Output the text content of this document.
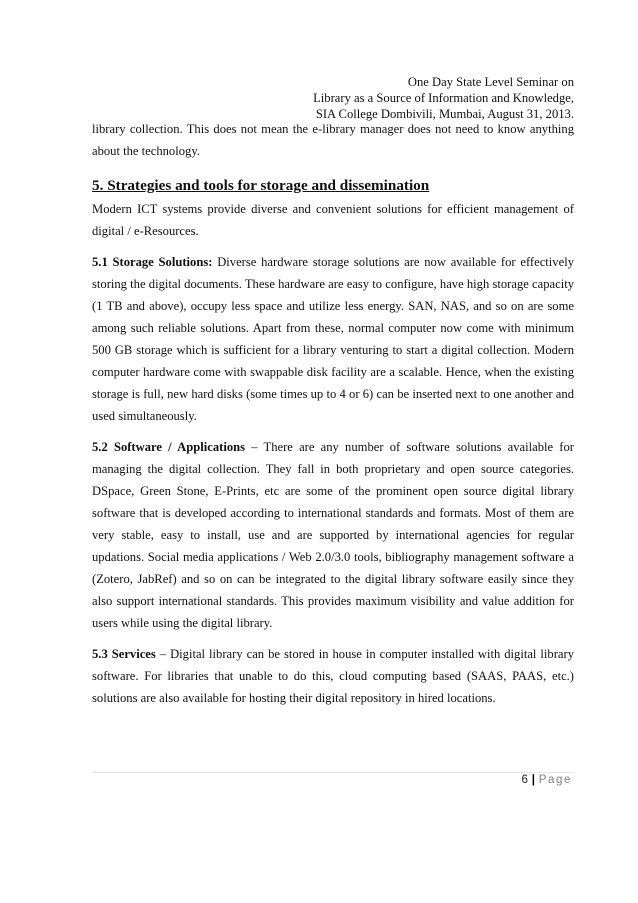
One Day State Level Seminar on
Library as a Source of Information and Knowledge,
SIA College Dombivili, Mumbai, August 31, 2013.

library collection. This does not mean the e-library manager does not need to know anything about the technology.

5. Strategies and tools for storage and dissemination

Modern ICT systems provide diverse and convenient solutions for efficient management of digital / e-Resources.

5.1 Storage Solutions: Diverse hardware storage solutions are now available for effectively storing the digital documents. These hardware are easy to configure, have high storage capacity (1 TB and above), occupy less space and utilize less energy. SAN, NAS, and so on are some among such reliable solutions. Apart from these, normal computer now come with minimum 500 GB storage which is sufficient for a library venturing to start a digital collection. Modern computer hardware come with swappable disk facility are a scalable. Hence, when the existing storage is full, new hard disks (some times up to 4 or 6) can be inserted next to one another and used simultaneously.

5.2 Software / Applications – There are any number of software solutions available for managing the digital collection. They fall in both proprietary and open source categories. DSpace, Green Stone, E-Prints, etc are some of the prominent open source digital library software that is developed according to international standards and formats. Most of them are very stable, easy to install, use and are supported by international agencies for regular updations. Social media applications / Web 2.0/3.0 tools, bibliography management software a (Zotero, JabRef) and so on can be integrated to the digital library software easily since they also support international standards. This provides maximum visibility and value addition for users while using the digital library.

5.3 Services – Digital library can be stored in house in computer installed with digital library software. For libraries that unable to do this, cloud computing based (SAAS, PAAS, etc.) solutions are also available for hosting their digital repository in hired locations.

6 | Page
